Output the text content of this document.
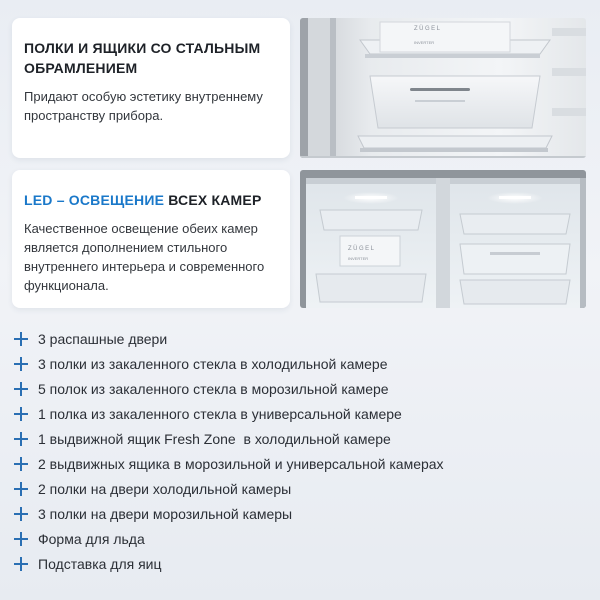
ПОЛКИ И ЯЩИКИ СО СТАЛЬНЫМ ОБРАМЛЕНИЕМ
Придают особую эстетику внутреннему пространству прибора.
ZÜGEL
INVERTER
LED – ОСВЕЩЕНИЕ ВСЕХ КАМЕР
Качественное освещение обеих камер является дополнением стильного внутреннего интерьера и современного функционала.
ZÜGEL
INVERTER
3 распашные двери
3 полки из закаленного стекла в холодильной камере
5 полок из закаленного стекла в морозильной камере
1 полка из закаленного стекла в универсальной камере
1 выдвижной ящик Fresh Zone  в холодильной камере
2 выдвижных ящика в морозильной и универсальной камерах
2 полки на двери холодильной камеры
3 полки на двери морозильной камеры
Форма для льда
Подставка для яиц
